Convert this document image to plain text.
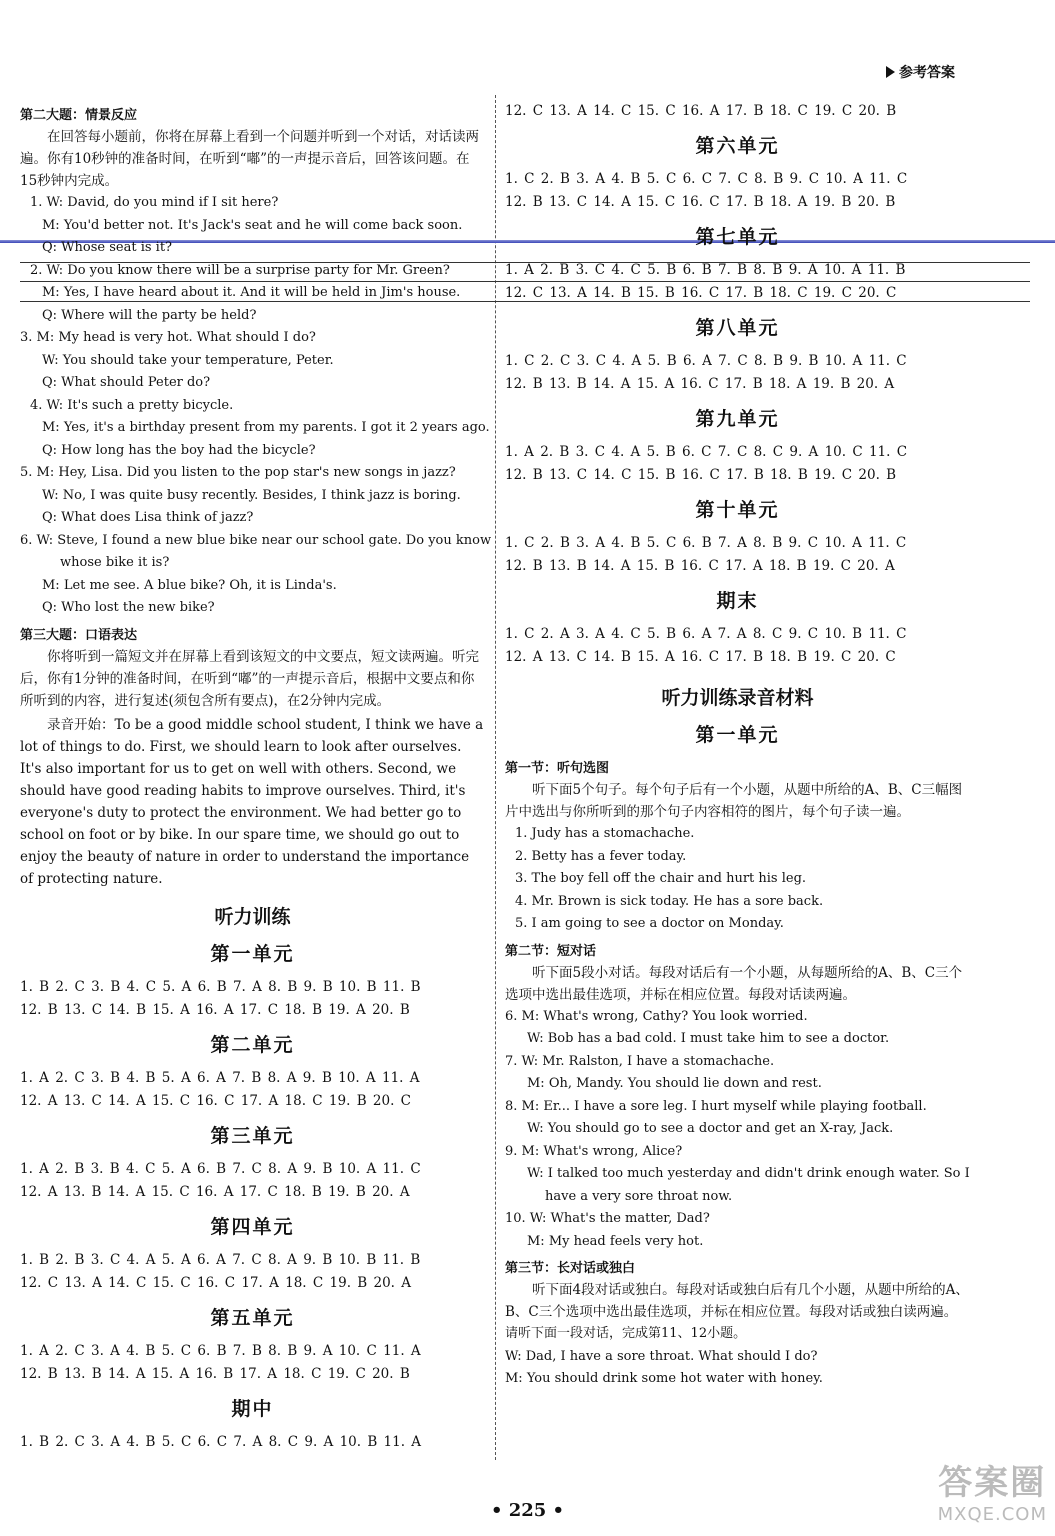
参考答案
第二大题：情景反应

在回答每小题前，你将在屏幕上看到一个问题并听到一个对话，对话读两遍。你有10秒钟的准备时间，在听到“嘟”的一声提示音后，回答该问题。在15秒钟内完成。

1. W: David, do you mind if I sit here?
M: You'd better not. It's Jack's seat and he will come back soon.
Q: Whose seat is it?
2. W: Do you know there will be a surprise party for Mr. Green?
M: Yes, I have heard about it. And it will be held in Jim's house.
Q: Where will the party be held?
3. M: My head is very hot. What should I do?
W: You should take your temperature, Peter.
Q: What should Peter do?
4. W: It's such a pretty bicycle.
M: Yes, it's a birthday present from my parents. I got it 2 years ago.
Q: How long has the boy had the bicycle?
5. M: Hey, Lisa. Did you listen to the pop star's new songs in jazz?
W: No, I was quite busy recently. Besides, I think jazz is boring.
Q: What does Lisa think of jazz?
6. W: Steve, I found a new blue bike near our school gate. Do you know
whose bike it is?
M: Let me see. A blue bike? Oh, it is Linda's.
Q: Who lost the new bike?
第三大题：口语表达

你将听到一篇短文并在屏幕上看到该短文的中文要点，短文读两遍。听完后，你有1分钟的准备时间，在听到“嘟”的一声提示音后，根据中文要点和你所听到的内容，进行复述(须包含所有要点)，在2分钟内完成。

录音开始：To be a good middle school student, I think we have a lot of things to do. First, we should learn to look after ourselves. It's also important for us to get on well with others. Second, we should have good reading habits to improve ourselves. Third, it's everyone's duty to protect the environment. We had better go to school on foot or by bike. In our spare time, we should go out to enjoy the beauty of nature in order to understand the importance of protecting nature.

听力训练
第一单元
1. B 2. C 3. B 4. C 5. A 6. B 7. A 8. B 9. B 10. B 11. B
12. B 13. C 14. B 15. A 16. A 17. C 18. B 19. A 20. B
第二单元
1. A 2. C 3. B 4. B 5. A 6. A 7. B 8. A 9. B 10. A 11. A
12. A 13. C 14. A 15. C 16. C 17. A 18. C 19. B 20. C
第三单元
1. A 2. B 3. B 4. C 5. A 6. B 7. C 8. A 9. B 10. A 11. C
12. A 13. B 14. A 15. C 16. A 17. C 18. B 19. B 20. A
第四单元
1. B 2. B 3. C 4. A 5. A 6. A 7. C 8. A 9. B 10. B 11. B
12. C 13. A 14. C 15. C 16. C 17. A 18. C 19. B 20. A
第五单元
1. A 2. C 3. A 4. B 5. C 6. B 7. B 8. B 9. A 10. C 11. A
12. B 13. B 14. A 15. A 16. B 17. A 18. C 19. C 20. B
期中
1. B 2. C 3. A 4. B 5. C 6. C 7. A 8. C 9. A 10. B 11. A
12. C 13. A 14. C 15. C 16. A 17. B 18. C 19. C 20. B
第六单元
1. C 2. B 3. A 4. B 5. C 6. C 7. C 8. B 9. C 10. A 11. C
12. B 13. C 14. A 15. C 16. C 17. B 18. A 19. B 20. B
第七单元
1. A 2. B 3. C 4. C 5. B 6. B 7. B 8. B 9. A 10. A 11. B
12. C 13. A 14. B 15. B 16. C 17. B 18. C 19. C 20. C
第八单元
1. C 2. C 3. C 4. A 5. B 6. A 7. C 8. B 9. B 10. A 11. C
12. B 13. B 14. A 15. A 16. C 17. B 18. A 19. B 20. A
第九单元
1. A 2. B 3. C 4. A 5. B 6. C 7. C 8. C 9. A 10. C 11. C
12. B 13. C 14. C 15. B 16. C 17. B 18. B 19. C 20. B
第十单元
1. C 2. B 3. A 4. B 5. C 6. B 7. A 8. B 9. C 10. A 11. C
12. B 13. B 14. A 15. B 16. C 17. A 18. B 19. C 20. A
期末
1. C 2. A 3. A 4. C 5. B 6. A 7. A 8. C 9. C 10. B 11. C
12. A 13. C 14. B 15. A 16. C 17. B 18. B 19. C 20. C
听力训练录音材料
第一单元
第一节：听句选图

听下面5个句子。每个句子后有一个小题，从题中所给的A、B、C三幅图片中选出与你所听到的那个句子内容相符的图片，每个句子读一遍。

1. Judy has a stomachache.
2. Betty has a fever today.
3. The boy fell off the chair and hurt his leg.
4. Mr. Brown is sick today. He has a sore back.
5. I am going to see a doctor on Monday.
第二节：短对话

听下面5段小对话。每段对话后有一个小题，从每题所给的A、B、C三个选项中选出最佳选项，并标在相应位置。每段对话读两遍。

6. M: What's wrong, Cathy? You look worried.
W: Bob has a bad cold. I must take him to see a doctor.
7. W: Mr. Ralston, I have a stomachache.
M: Oh, Mandy. You should lie down and rest.
8. M: Er... I have a sore leg. I hurt myself while playing football.
W: You should go to see a doctor and get an X-ray, Jack.
9. M: What's wrong, Alice?
W: I talked too much yesterday and didn't drink enough water. So I
have a very sore throat now.
10. W: What's the matter, Dad?
M: My head feels very hot.
第三节：长对话或独白

听下面4段对话或独白。每段对话或独白后有几个小题，从题中所给的A、B、C三个选项中选出最佳选项，并标在相应位置。每段对话或独白读两遍。

请听下面一段对话，完成第11、12小题。
W: Dad, I have a sore throat. What should I do?
M: You should drink some hot water with honey.
• 225 •
答案圈
MXQE.COM
